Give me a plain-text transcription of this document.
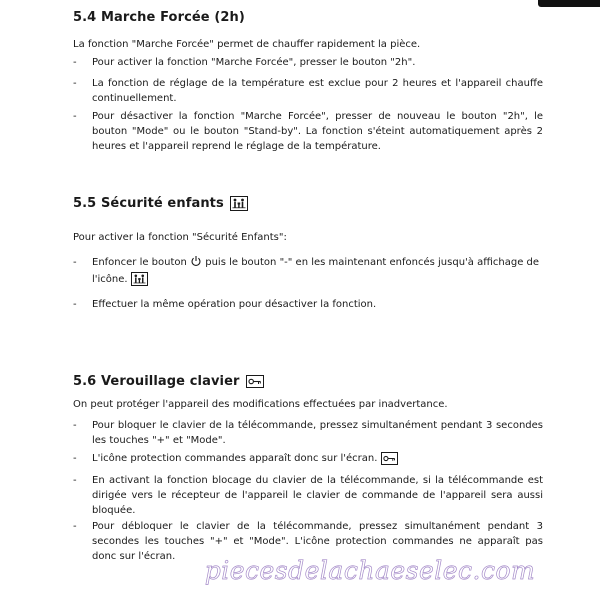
5.4 Marche Forcée (2h)

La fonction "Marche Forcée" permet de chauffer rapidement la pièce.

-	Pour activer la fonction "Marche Forcée", presser le bouton "2h".
-	La fonction de réglage de la température est exclue pour 2 heures et l'appareil chauffe
continuellement.
-	Pour désactiver la fonction "Marche Forcée", presser de nouveau le bouton "2h", le
bouton "Mode" ou le bouton "Stand-by". La fonction s'éteint automatiquement après 2
heures et l'appareil reprend le réglage de la température.
5.5 Sécurité enfants

Pour activer la fonction "Sécurité Enfants":

-	Enfoncer le bouton puis le bouton "-" en les maintenant enfoncés jusqu'à affichage de
l'icône.
-	Effectuer la même opération pour désactiver la fonction.
5.6 Verouillage clavier

On peut protéger l'appareil des modifications effectuées par inadvertance.

-	Pour bloquer le clavier de la télécommande, pressez simultanément pendant 3 secondes
les touches "+" et "Mode".
-	L'icône protection commandes apparaît donc sur l'écran.
-	En activant la fonction blocage du clavier de la télécommande, si la télécommande est
dirigée vers le récepteur de l'appareil le clavier de commande de l'appareil sera aussi
bloquée.
-	Pour débloquer le clavier de la télécommande, pressez simultanément pendant 3
secondes les touches "+" et "Mode". L'icône protection commandes ne apparaît pas
donc sur l'écran.	piecesdelachaeselec.com
